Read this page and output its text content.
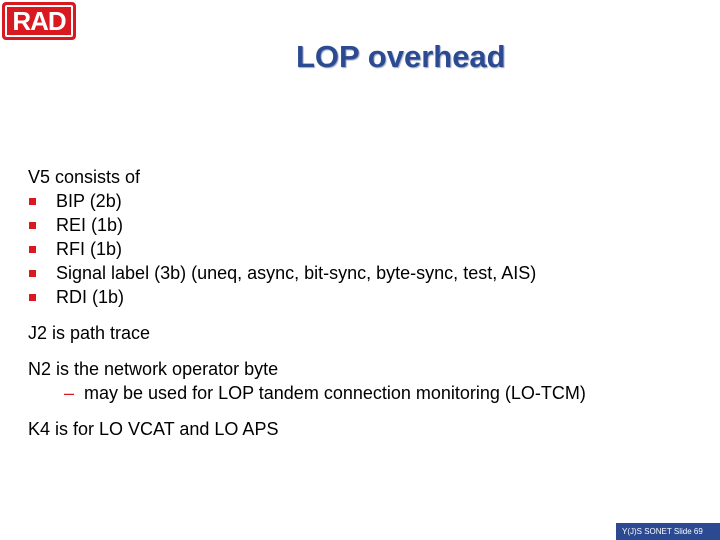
RAD
LOP overhead

V5 consists of

BIP (2b)
REI (1b)
RFI (1b)
Signal label (3b) (uneq, async, bit-sync, byte-sync, test, AIS)
RDI (1b)

J2 is path trace

N2 is the network operator byte

– may be used for LOP tandem connection monitoring (LO-TCM)

K4 is for LO VCAT and LO APS

Y(J)S SONET Slide 69
